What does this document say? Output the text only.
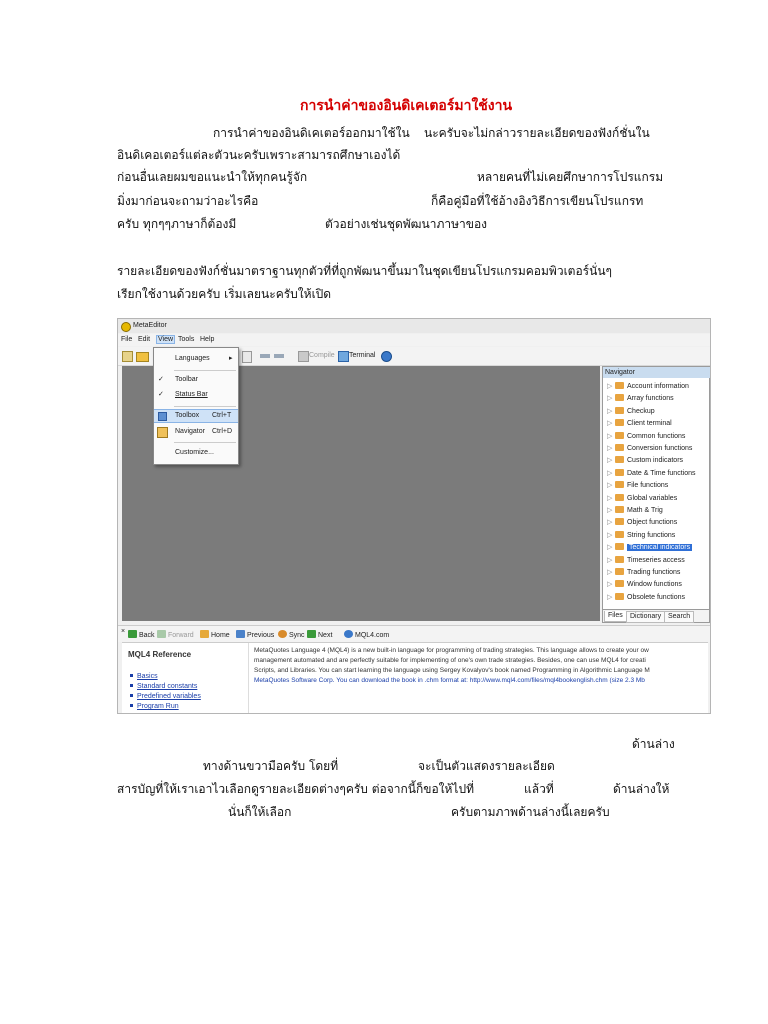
การนำค่าของอินดิเคเตอร์มาใช้งาน
การนำค่าของอินดิเคเตอร์ออกมาใช้ใน นะครับจะไม่กล่าวรายละเอียดของฟังก์ชั่นใน
อินดิเคอเตอร์แต่ละตัวนะครับเพราะสามารถศึกษาเองได้
ก่อนอื่นเลยผมขอแนะนำให้ทุกคนรู้จัก	หลายคนที่ไม่เคยศึกษาการโปรแกรม
มิ่งมาก่อนจะถามว่าอะไรคือ	ก็คือคู่มือที่ใช้อ้างอิงวิธีการเขียนโปรแกรท
ครับ ทุกๆๆภาษาก็ต้องมี	ตัวอย่างเช่นชุดพัฒนาภาษาของ
รายละเอียดของฟังก์ชั่นมาตราฐานทุกตัวที่ที่ถูกพัฒนาขึ้นมาในชุดเขียนโปรแกรมคอมพิวเตอร์นั่นๆ
เรียกใช้งานด้วยครับ เริ่มเลยนะครับให้เปิด
MetaEditor
File Edit View Tools Help
Compile Terminal
Languages	▸
✓ Toolbar
✓ Status Bar
Toolbox Ctrl+T
Navigator Ctrl+D
Customize...
Navigator
▷ Account information
▷ Array functions
▷ Checkup
▷ Client terminal
▷ Common functions
▷ Conversion functions
▷ Custom indicators
▷ Date & Time functions
▷ File functions
▷ Global variables
▷ Math & Trig
▷ Object functions
▷ String functions
▷ Technical indicators
▷ Timeseries access
▷ Trading functions
▷ Window functions
▷ Obsolete functions
Files	Dictionary Search
×
Back	Forward	Home	Previous	Sync	Next	MQL4.com
MQL4 Reference
Basics
Standard constants
Predefined variables
Program Run
MetaQuotes Language 4 (MQL4) is a new built-in language for programming of trading strategies. This language allows to create your ow
management automated and are perfectly suitable for implementing of one's own trade strategies. Besides, one can use MQL4 for creati
Scripts, and Libraries. You can start learning the language using Sergey Kovalyov's book named Programming in Algorithmic Language M
MetaQuotes Software Corp. You can download the book in .chm format at: http://www.mql4.com/files/mql4bookenglish.chm (size 2.3 Mb
ด้านล่าง
ทางด้านขวามือครับ โดยที่	จะเป็นตัวแสดงรายละเอียด
สารบัญที่ให้เราเอาไวเลือกดูรายละเอียดต่างๆครับ ต่อจากนี้ก็ขอให้ไปที่	แล้วที่	ด้านล่างให้
นั่นก็ให้เลือก	ครับตามภาพด้านล่างนี้เลยครับ
